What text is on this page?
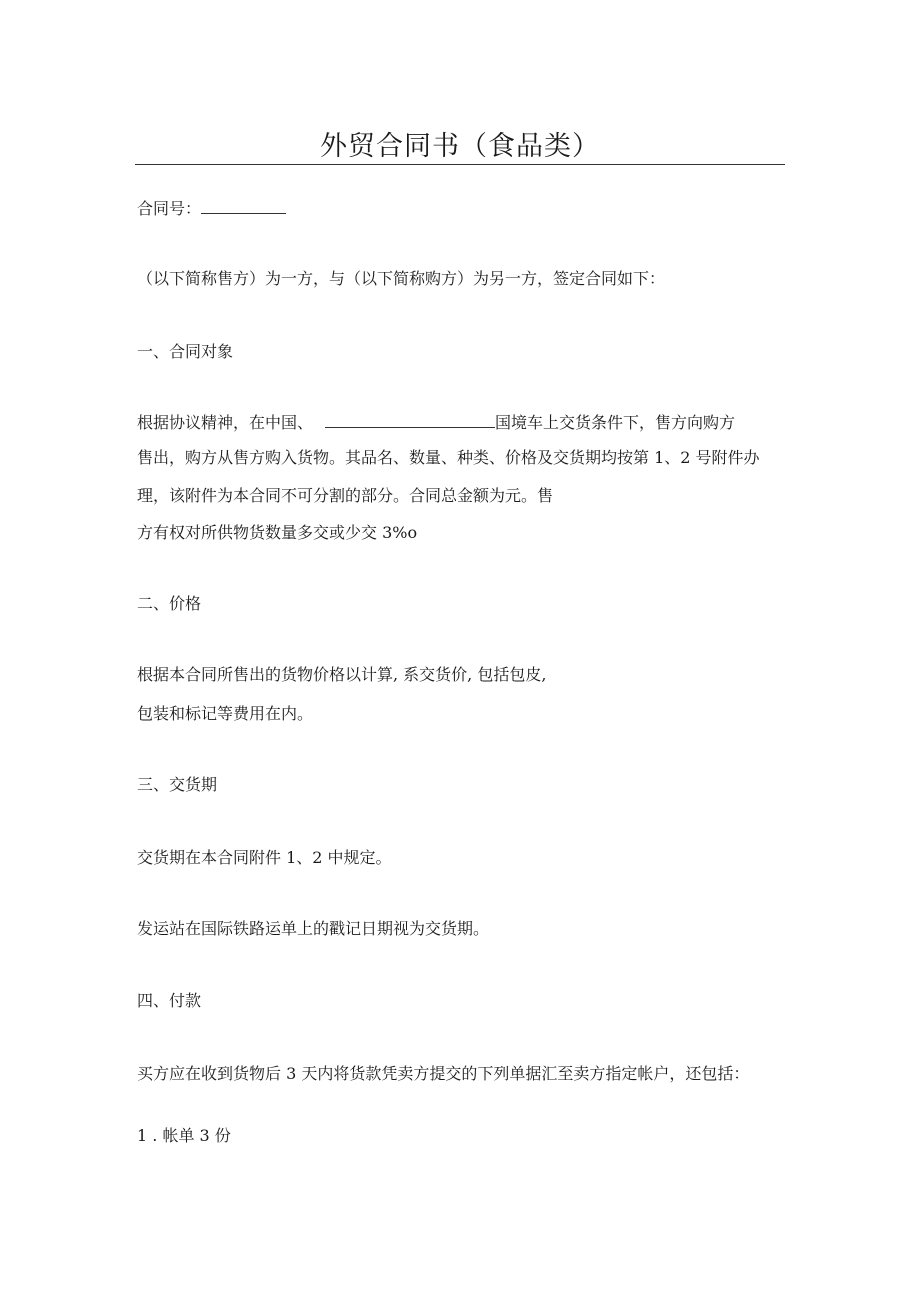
外贸合同书（食品类）
合同号：
（以下简称售方）为一方，与（以下简称购方）为另一方，签定合同如下：
一、合同对象
根据协议精神，在中国、	国境车上交货条件下，售方向购方
售出，购方从售方购入货物。其品名、数量、种类、价格及交货期均按第 1、2 号附件办
理，该附件为本合同不可分割的部分。合同总金额为元。售
方有权对所供物货数量多交或少交 3%o
二、价格
根据本合同所售出的货物价格以计算, 系交货价, 包括包皮,
包装和标记等费用在内。
三、交货期
交货期在本合同附件 1、2 中规定。
发运站在国际铁路运单上的戳记日期视为交货期。
四、付款
买方应在收到货物后 3 天内将货款凭卖方提交的下列单据汇至卖方指定帐户，还包括：
1 . 帐单 3 份
